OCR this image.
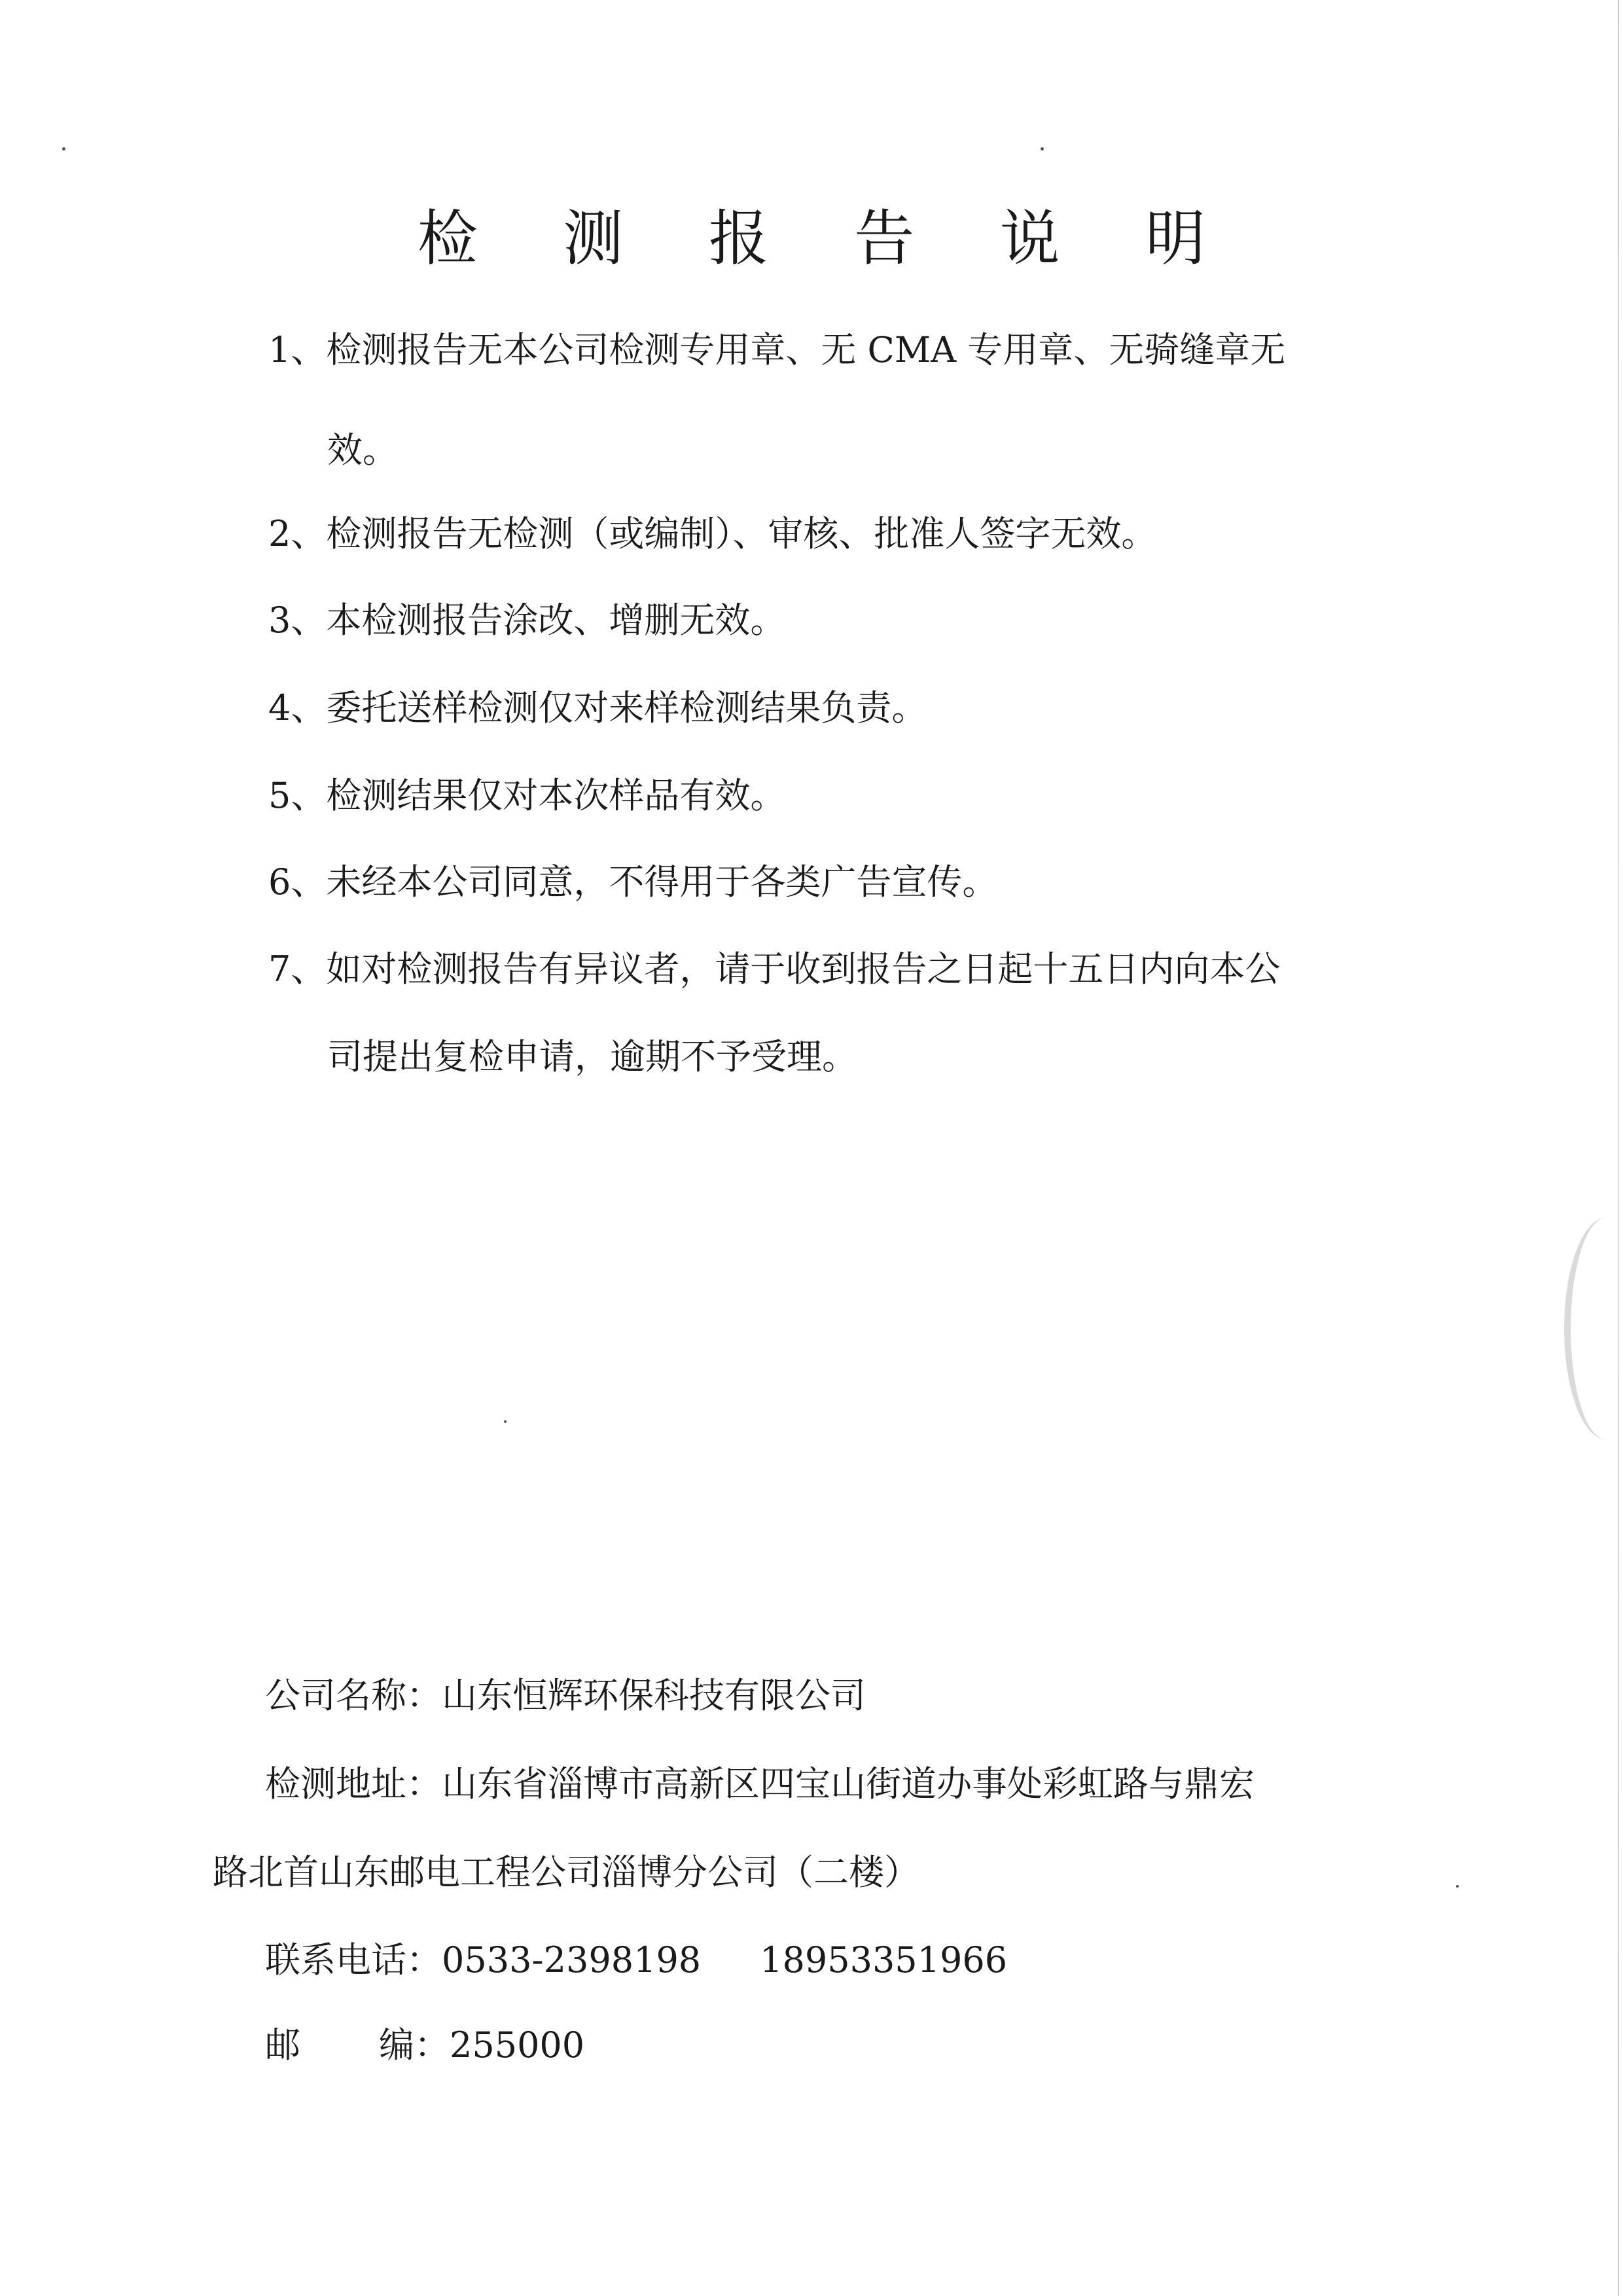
检 测 报 告 说 明
1、检测报告无本公司检测专用章、无 CMA 专用章、无骑缝章无
效。
2、检测报告无检测（或编制）、审核、批准人签字无效。
3、本检测报告涂改、增删无效。
4、委托送样检测仅对来样检测结果负责。
5、检测结果仅对本次样品有效。
6、未经本公司同意，不得用于各类广告宣传。
7、如对检测报告有异议者，请于收到报告之日起十五日内向本公
司提出复检申请，逾期不予受理。
公司名称：山东恒辉环保科技有限公司
检测地址：山东省淄博市高新区四宝山街道办事处彩虹路与鼎宏
路北首山东邮电工程公司淄博分公司（二楼）
联系电话：0533-2398198 18953351966
邮 编：255000
